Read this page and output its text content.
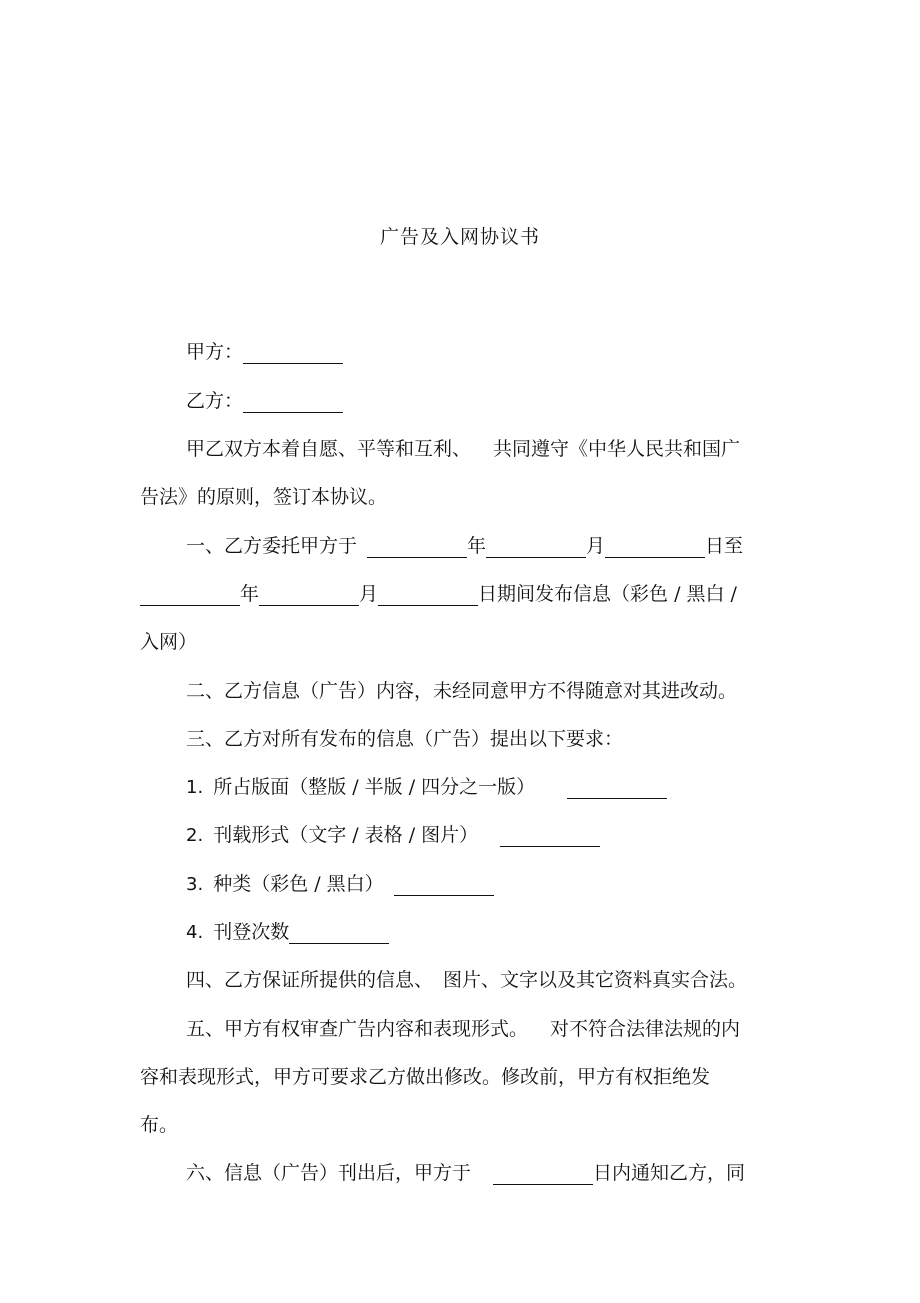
广告及入网协议书
甲方：
乙方：
甲乙双方本着自愿、平等和互利、 共同遵守《中华人民共和国广
告法》的原则，签订本协议。
一、乙方委托甲方于	年	月	日至
年	月	日期间发布信息（彩色 / 黑白 /
入网）
二、乙方信息（广告）内容，未经同意甲方不得随意对其进改动。
三、乙方对所有发布的信息（广告）提出以下要求：
1. 所占版面（整版 / 半版 / 四分之一版）
2. 刊载形式（文字 / 表格 / 图片）
3. 种类（彩色 / 黑白）
4. 刊登次数
四、乙方保证所提供的信息、 图片、文字以及其它资料真实合法。
五、甲方有权审查广告内容和表现形式。 对不符合法律法规的内
容和表现形式，甲方可要求乙方做出修改。修改前，甲方有权拒绝发
布。
六、信息（广告）刊出后，甲方于	日内通知乙方，同
